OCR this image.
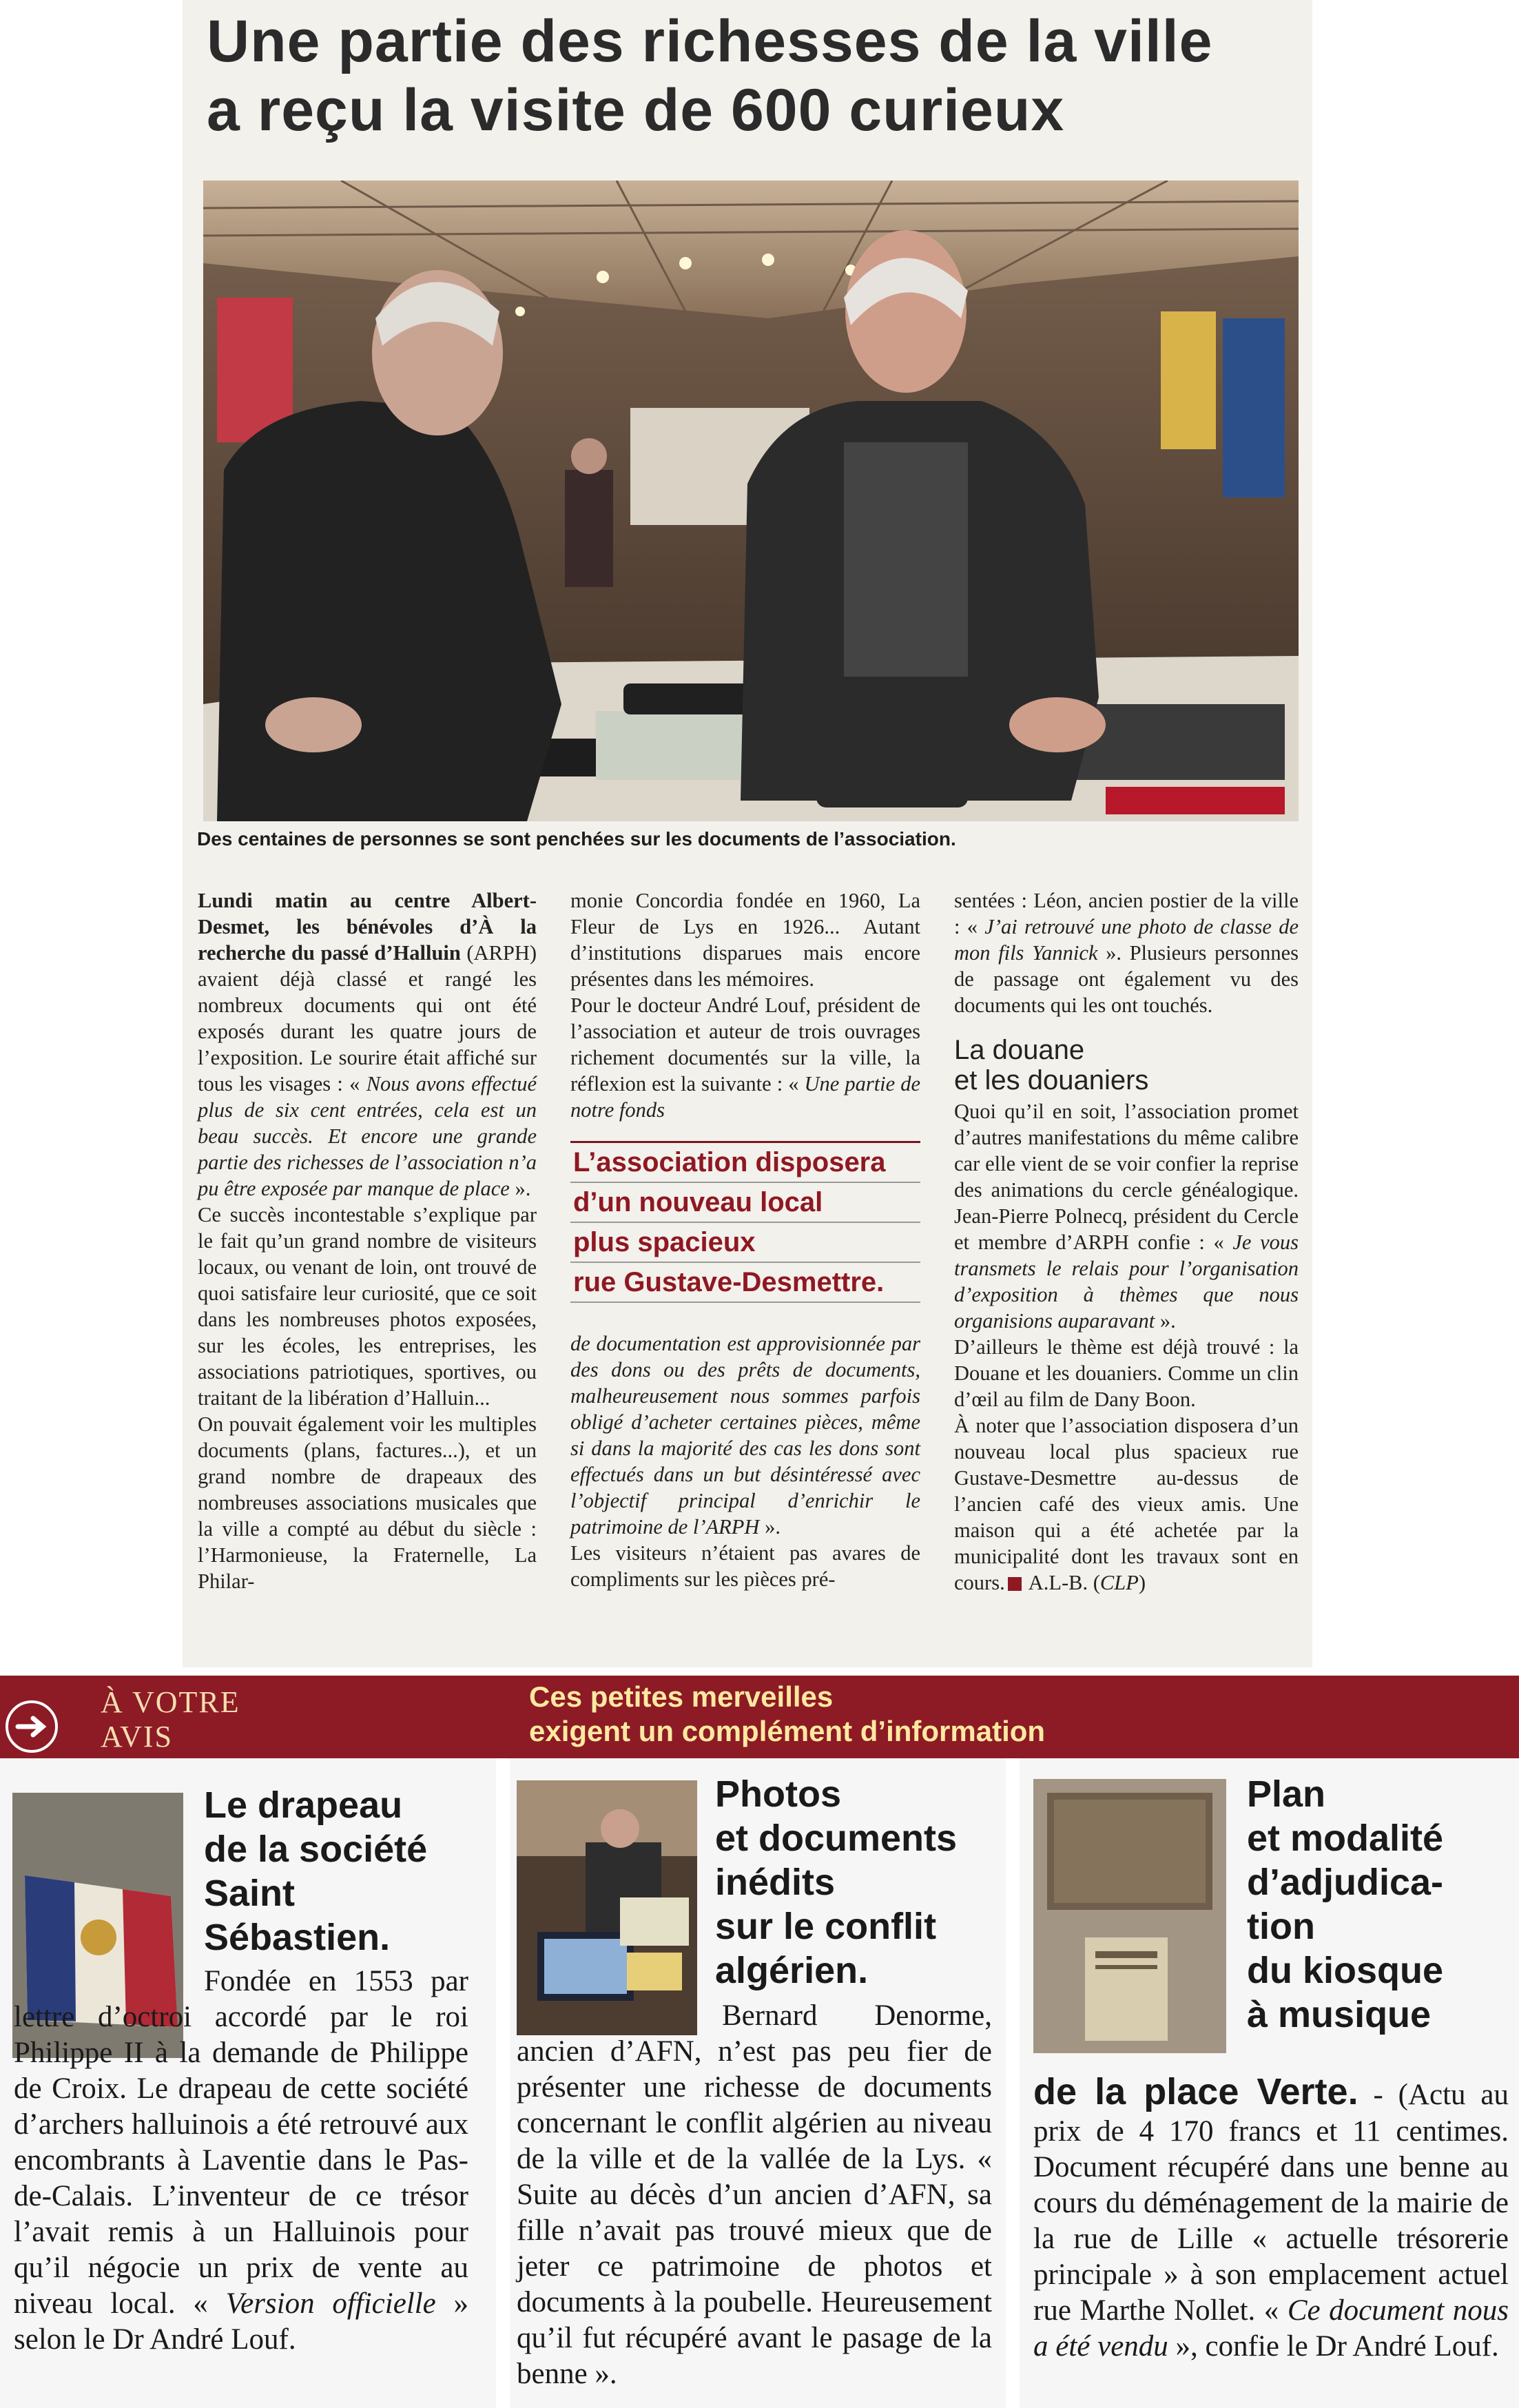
Une partie des richesses de la ville
a reçu la visite de 600 curieux
Des centaines de personnes se sont penchées sur les documents de l’association.

Lundi matin au centre Albert-Desmet, les bénévoles d’À la recherche du passé d’Halluin (ARPH) avaient déjà classé et rangé les nombreux documents qui ont été exposés durant les quatre jours de l’exposition. Le sourire était affiché sur tous les visages : « Nous avons effectué plus de six cent entrées, cela est un beau succès. Et encore une grande partie des richesses de l’association n’a pu être exposée par manque de place ».

Ce succès incontestable s’explique par le fait qu’un grand nombre de visiteurs locaux, ou venant de loin, ont trouvé de quoi satisfaire leur curiosité, que ce soit dans les nombreuses photos exposées, sur les écoles, les entreprises, les associations patriotiques, sportives, ou traitant de la libération d’Halluin...

On pouvait également voir les multiples documents (plans, factures...), et un grand nombre de drapeaux des nombreuses associations musicales que la ville a compté au début du siècle : l’Harmonieuse, la Fraternelle, La Philar-

monie Concordia fondée en 1960, La Fleur de Lys en 1926... Autant d’institutions disparues mais encore présentes dans les mémoires.

Pour le docteur André Louf, président de l’association et auteur de trois ouvrages richement documentés sur la ville, la réflexion est la suivante : « Une partie de notre fonds

L’association disposera
d’un nouveau local
plus spacieux
rue Gustave-Desmettre.

de documentation est approvisionnée par des dons ou des prêts de documents, malheureusement nous sommes parfois obligé d’acheter certaines pièces, même si dans la majorité des cas les dons sont effectués dans un but désintéressé avec l’objectif principal d’enrichir le patrimoine de l’ARPH ».

Les visiteurs n’étaient pas avares de compliments sur les pièces pré-

sentées : Léon, ancien postier de la ville : « J’ai retrouvé une photo de classe de mon fils Yannick ». Plusieurs personnes de passage ont également vu des documents qui les ont touchés.

La douane
et les douaniers

Quoi qu’il en soit, l’association promet d’autres manifestations du même calibre car elle vient de se voir confier la reprise des animations du cercle généalogique. Jean-Pierre Polnecq, président du Cercle et membre d’ARPH confie : « Je vous transmets le relais pour l’organisation d’exposition à thèmes que nous organisions auparavant ».

D’ailleurs le thème est déjà trouvé : la Douane et les douaniers. Comme un clin d’œil au film de Dany Boon.

À noter que l’association disposera d’un nouveau local plus spacieux rue Gustave-Desmettre au-dessus de l’ancien café des vieux amis. Une maison qui a été achetée par la municipalité dont les travaux sont en cours. A.L-B. (CLP)

À VOTRE
AVIS
Ces petites merveilles
exigent un complément d’information
Le drapeau
de la société
Saint
Sébastien.
Fondée en 1553 par lettre d’octroi accordé par le roi Philippe II à la demande de Philippe de Croix. Le drapeau de cette société d’archers halluinois a été retrouvé aux encombrants à Laventie dans le Pas-de-Calais. L’inventeur de ce trésor l’avait remis à un Halluinois pour qu’il négocie un prix de vente au niveau local. « Version officielle » selon le Dr André Louf.
Photos
et documents
inédits
sur le conflit
algérien.
Bernard Denorme, ancien d’AFN, n’est pas peu fier de présenter une richesse de documents concernant le conflit algérien au niveau de la ville et de la vallée de la Lys. « Suite au décès d’un ancien d’AFN, sa fille n’avait pas trouvé mieux que de jeter ce patrimoine de photos et documents à la poubelle. Heureusement qu’il fut récupéré avant le pasage de la benne ».
Plan
et modalité
d’adjudica-
tion
du kiosque
à musique
de la place Verte. - (Actu au prix de 4 170 francs et 11 centimes. Document récupéré dans une benne au cours du déménagement de la mairie de la rue de Lille « actuelle trésorerie principale » à son emplacement actuel rue Marthe Nollet. « Ce document nous a été vendu », confie le Dr André Louf.
